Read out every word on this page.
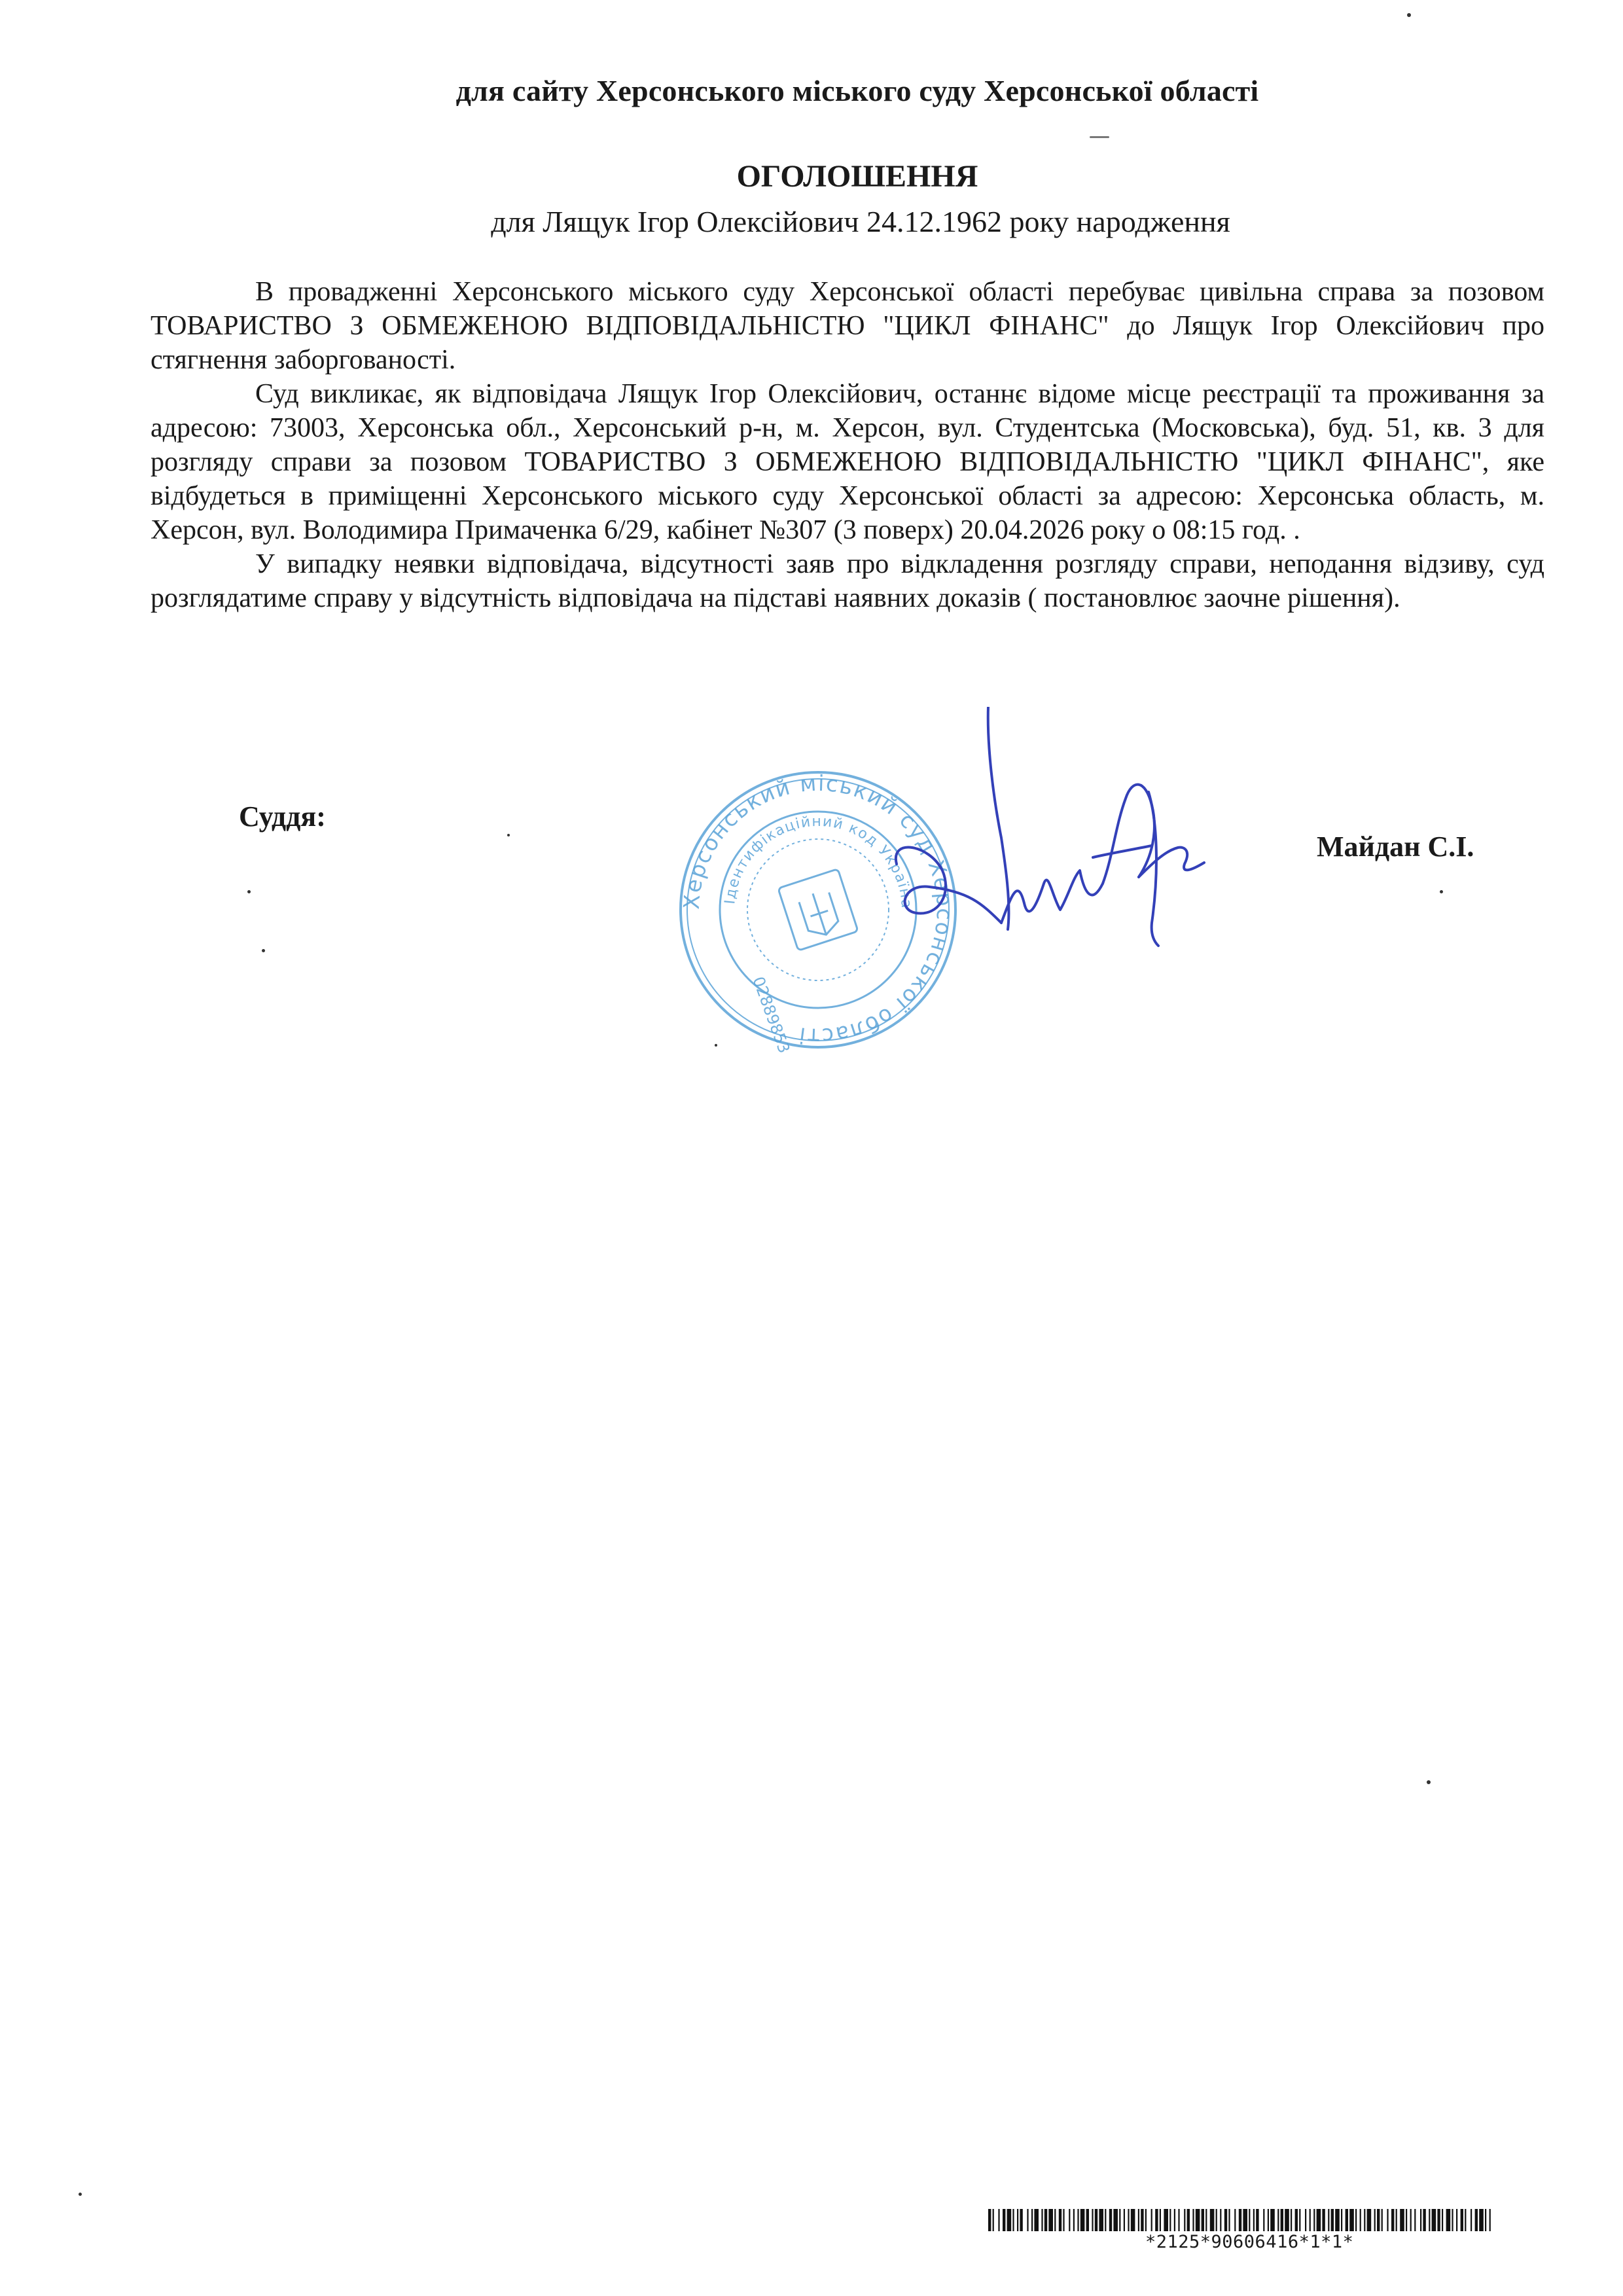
для сайту Херсонського міського суду Херсонської області
ОГОЛОШЕННЯ
для Лящук Ігор Олексійович 24.12.1962 року народження

В провадженні Херсонського міського суду Херсонської області перебуває цивільна справа за позовом ТОВАРИСТВО З ОБМЕЖЕНОЮ ВІДПОВІДАЛЬНІСТЮ "ЦИКЛ ФІНАНС" до Лящук Ігор Олексійович про стягнення заборгованості.

Суд викликає, як відповідача Лящук Ігор Олексійович, останнє відоме місце реєстрації та проживання за адресою: 73003, Херсонська обл., Херсонський р-н, м. Херсон, вул. Студентська (Московська), буд. 51, кв. 3 для розгляду справи за позовом ТОВАРИСТВО З ОБМЕЖЕНОЮ ВІДПОВІДАЛЬНІСТЮ "ЦИКЛ ФІНАНС", яке відбудеться в приміщенні Херсонського міського суду Херсонської області за адресою: Херсонська область, м. Херсон, вул. Володимира Примаченка 6/29, кабінет №307 (3 поверх) 20.04.2026 року о 08:15 год. .

У випадку неявки відповідача, відсутності заяв про відкладення розгляду справи, неподання відзиву, суд розглядатиме справу у відсутність відповідача на підставі наявних доказів ( постановлює заочне рішення).

Суддя:
Майдан С.І.
Херсонський міський суд Херсонської області
Ідентифікаційний код Україна
02889853
*2125*90606416*1*1*
